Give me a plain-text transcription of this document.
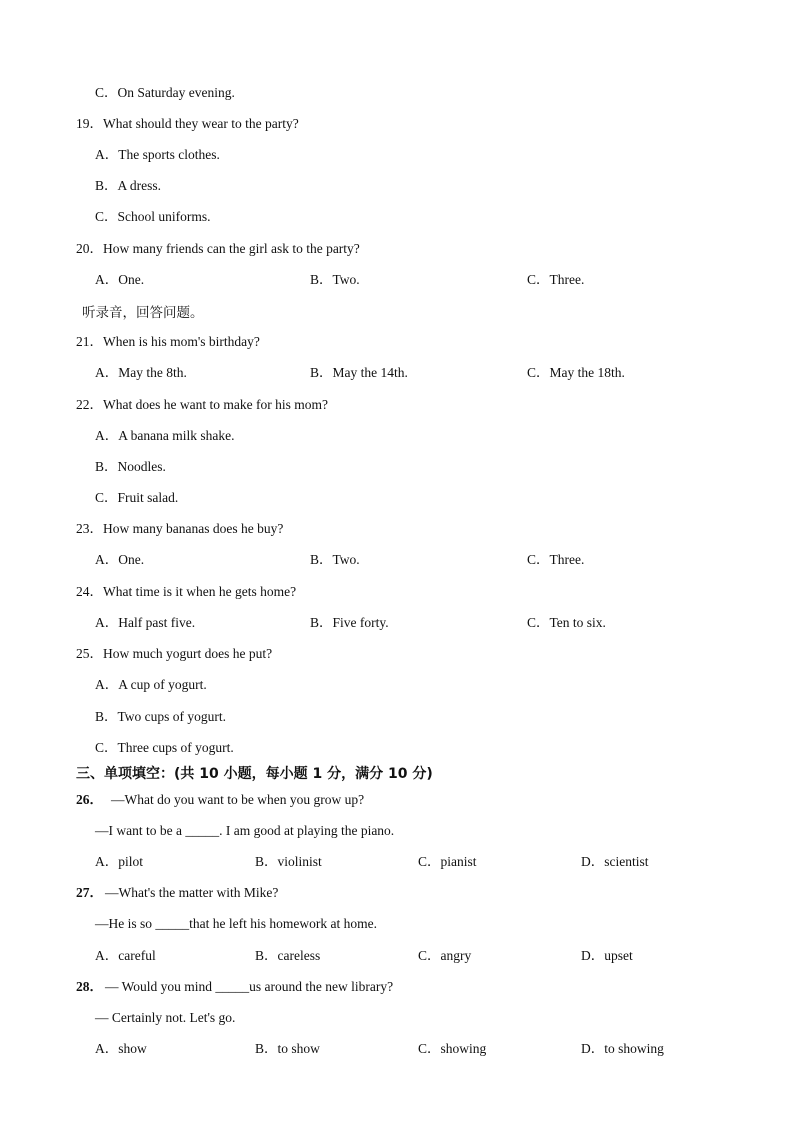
C．On Saturday evening.
19．What should they wear to the party?
A．The sports clothes.
B．A dress.
C．School uniforms.
20．How many friends can the girl ask to the party?
A．One.	B．Two.	C．Three.
听录音，回答问题。
21．When is his mom's birthday?
A．May the 8th.	B．May the 14th.	C．May the 18th.
22．What does he want to make for his mom?
A．A banana milk shake.
B．Noodles.
C．Fruit salad.
23．How many bananas does he buy?
A．One.	B．Two.	C．Three.
24．What time is it when he gets home?
A．Half past five.	B．Five forty.	C．Ten to six.
25．How much yogurt does he put?
A．A cup of yogurt.
B．Two cups of yogurt.
C．Three cups of yogurt.
三、单项填空：(共 10 小题，每小题 1 分，满分 10 分)
26． —What do you want to be when you grow up?
—I want to be a _____. I am good at playing the piano.
A．pilot	B．violinist	C．pianist	D．scientist
27． —What's the matter with Mike?
—He is so _____that he left his homework at home.
A．careful	B．careless	C．angry	D．upset
28． — Would you mind _____us around the new library?
— Certainly not. Let's go.
A．show	B．to show	C．showing	D．to showing
